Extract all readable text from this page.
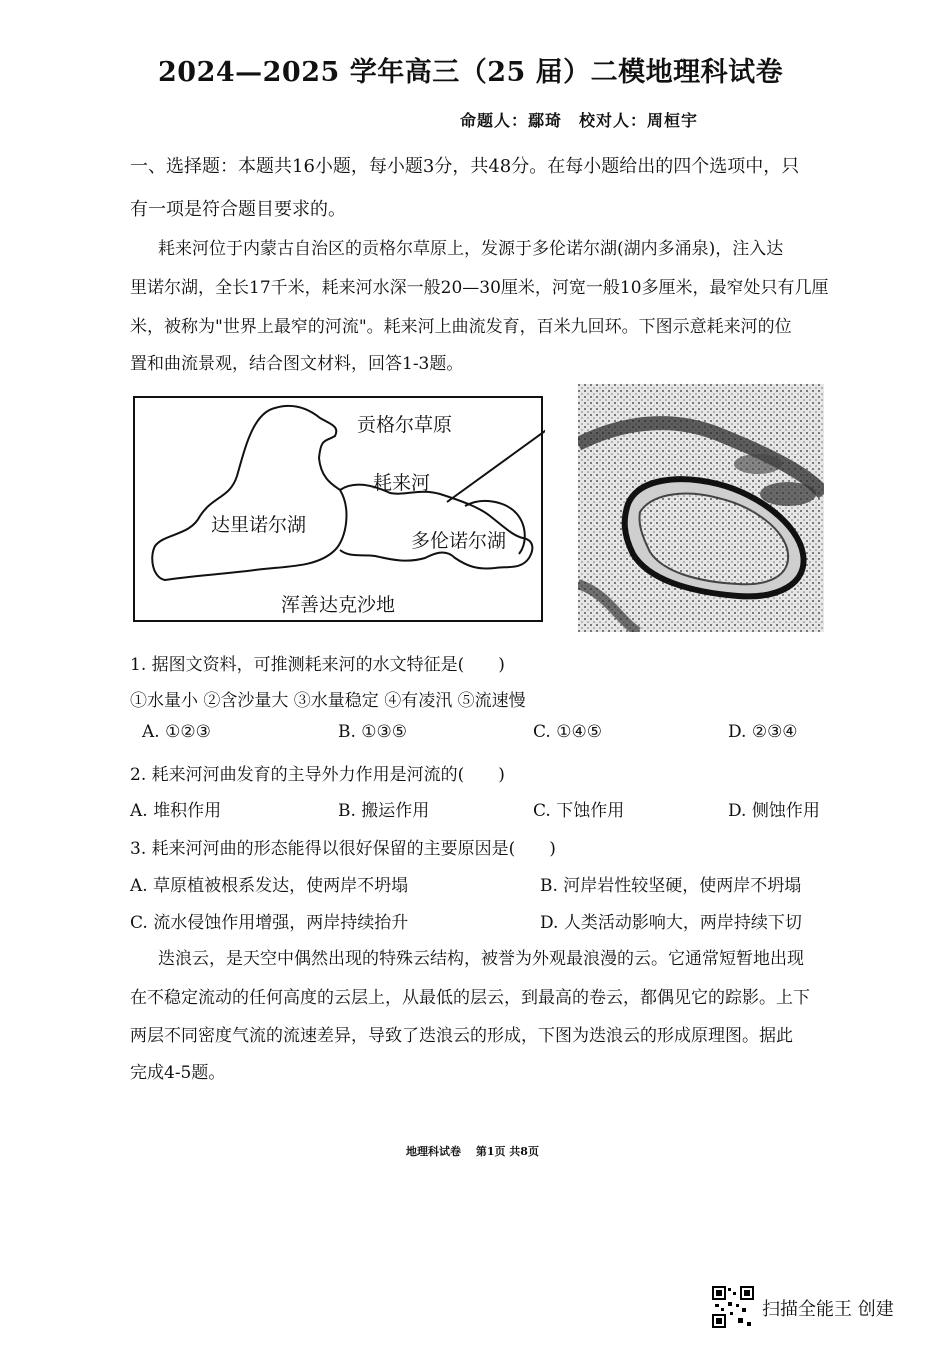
2024—2025 学年高三（25 届）二模地理科试卷
命题人：鄢琦　校对人：周桓宇
一、选择题：本题共16小题，每小题3分，共48分。在每小题给出的四个选项中，只
有一项是符合题目要求的。
耗来河位于内蒙古自治区的贡格尔草原上，发源于多伦诺尔湖(湖内多涌泉)，注入达
里诺尔湖，全长17千米，耗来河水深一般20—30厘米，河宽一般10多厘米，最窄处只有几厘
米，被称为"世界上最窄的河流"。耗来河上曲流发育，百米九回环。下图示意耗来河的位
置和曲流景观，结合图文材料，回答1-3题。
贡格尔草原
耗来河
达里诺尔湖
多伦诺尔湖
浑善达克沙地
1. 据图文资料，可推测耗来河的水文特征是(　　)
①水量小 ②含沙量大 ③水量稳定 ④有凌汛 ⑤流速慢
A. ①②③	B. ①③⑤	C. ①④⑤	D. ②③④
2. 耗来河河曲发育的主导外力作用是河流的(　　)
A. 堆积作用	B. 搬运作用	C. 下蚀作用	D. 侧蚀作用
3. 耗来河河曲的形态能得以很好保留的主要原因是(　　)
A. 草原植被根系发达，使两岸不坍塌	B. 河岸岩性较坚硬，使两岸不坍塌
C. 流水侵蚀作用增强，两岸持续抬升	D. 人类活动影响大，两岸持续下切
迭浪云，是天空中偶然出现的特殊云结构，被誉为外观最浪漫的云。它通常短暂地出现
在不稳定流动的任何高度的云层上，从最低的层云，到最高的卷云，都偶见它的踪影。上下
两层不同密度气流的流速差异，导致了迭浪云的形成，下图为迭浪云的形成原理图。据此
完成4-5题。
地理科试卷　 第1页 共8页
扫描全能王 创建
